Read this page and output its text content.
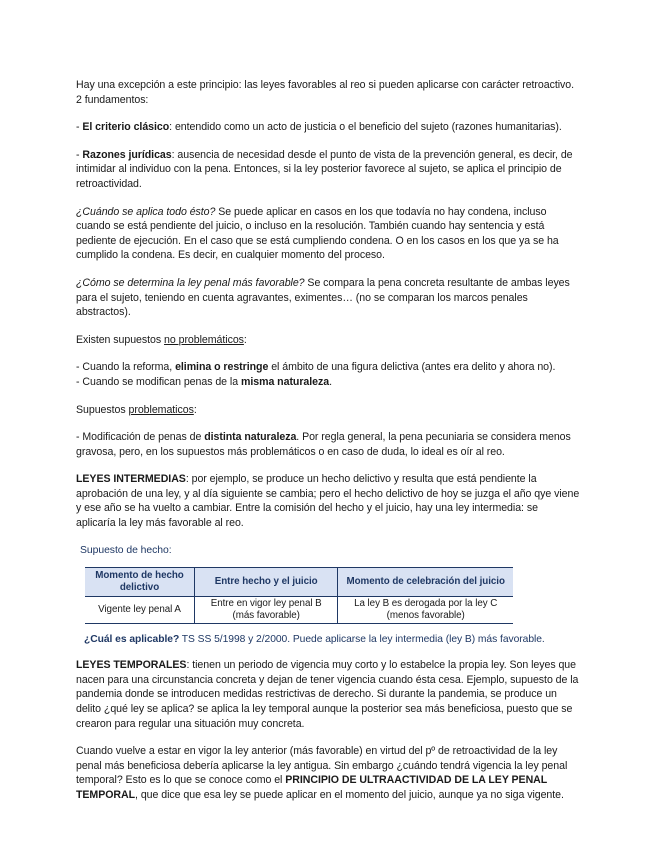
Hay una excepción a este principio: las leyes favorables al reo si pueden aplicarse con carácter retroactivo. 2 fundamentos:

- El criterio clásico: entendido como un acto de justicia o el beneficio del sujeto (razones humanitarias).

- Razones jurídicas: ausencia de necesidad desde el punto de vista de la prevención general, es decir, de intimidar al individuo con la pena. Entonces, si la ley posterior favorece al sujeto, se aplica el principio de retroactividad.

¿Cuándo se aplica todo ésto? Se puede aplicar en casos en los que todavía no hay condena, incluso cuando se está pendiente del juicio, o incluso en la resolución. También cuando hay sentencia y está pediente de ejecución. En el caso que se está cumpliendo condena. O en los casos en los que ya se ha cumplido la condena. Es decir, en cualquier momento del proceso.

¿Cómo se determina la ley penal más favorable? Se compara la pena concreta resultante de ambas leyes para el sujeto, teniendo en cuenta agravantes, eximentes… (no se comparan los marcos penales abstractos).

Existen supuestos no problemáticos:

- Cuando la reforma, elimina o restringe el ámbito de una figura delictiva (antes era delito y ahora no).
- Cuando se modifican penas de la misma naturaleza.

Supuestos problematicos:

- Modificación de penas de distinta naturaleza. Por regla general, la pena pecuniaria se considera menos gravosa, pero, en los supuestos más problemáticos o en caso de duda, lo ideal es oír al reo.

LEYES INTERMEDIAS: por ejemplo, se produce un hecho delictivo y resulta que está pendiente la aprobación de una ley, y al día siguiente se cambia; pero el hecho delictivo de hoy se juzga el año qye viene y ese año se ha vuelto a cambiar. Entre la comisión del hecho y el juicio, hay una ley intermedia: se aplicaría la ley más favorable al reo.

Supuesto de hecho:
Momento de hecho delictivo	Entre hecho y el juicio	Momento de celebración del juicio
Vigente ley penal A	Entre en vigor ley penal B (más favorable)	La ley B es derogada por la ley C (menos favorable)
¿Cuál es aplicable? TS SS 5/1998 y 2/2000. Puede aplicarse la ley intermedia (ley B) más favorable.

LEYES TEMPORALES: tienen un periodo de vigencia muy corto y lo estabelce la propia ley. Son leyes que nacen para una circunstancia concreta y dejan de tener vigencia cuando ésta cesa. Ejemplo, supuesto de la pandemia donde se introducen medidas restrictivas de derecho. Si durante la pandemia, se produce un delito ¿qué ley se aplica? se aplica la ley temporal aunque la posterior sea más beneficiosa, puesto que se crearon para regular una situación muy concreta.

Cuando vuelve a estar en vigor la ley anterior (más favorable) en virtud del pº de retroactividad de la ley penal más beneficiosa debería aplicarse la ley antigua. Sin embargo ¿cuándo tendrá vigencia la ley penal temporal? Esto es lo que se conoce como el PRINCIPIO DE ULTRAACTIVIDAD DE LA LEY PENAL TEMPORAL, que dice que esa ley se puede aplicar en el momento del juicio, aunque ya no siga vigente.
